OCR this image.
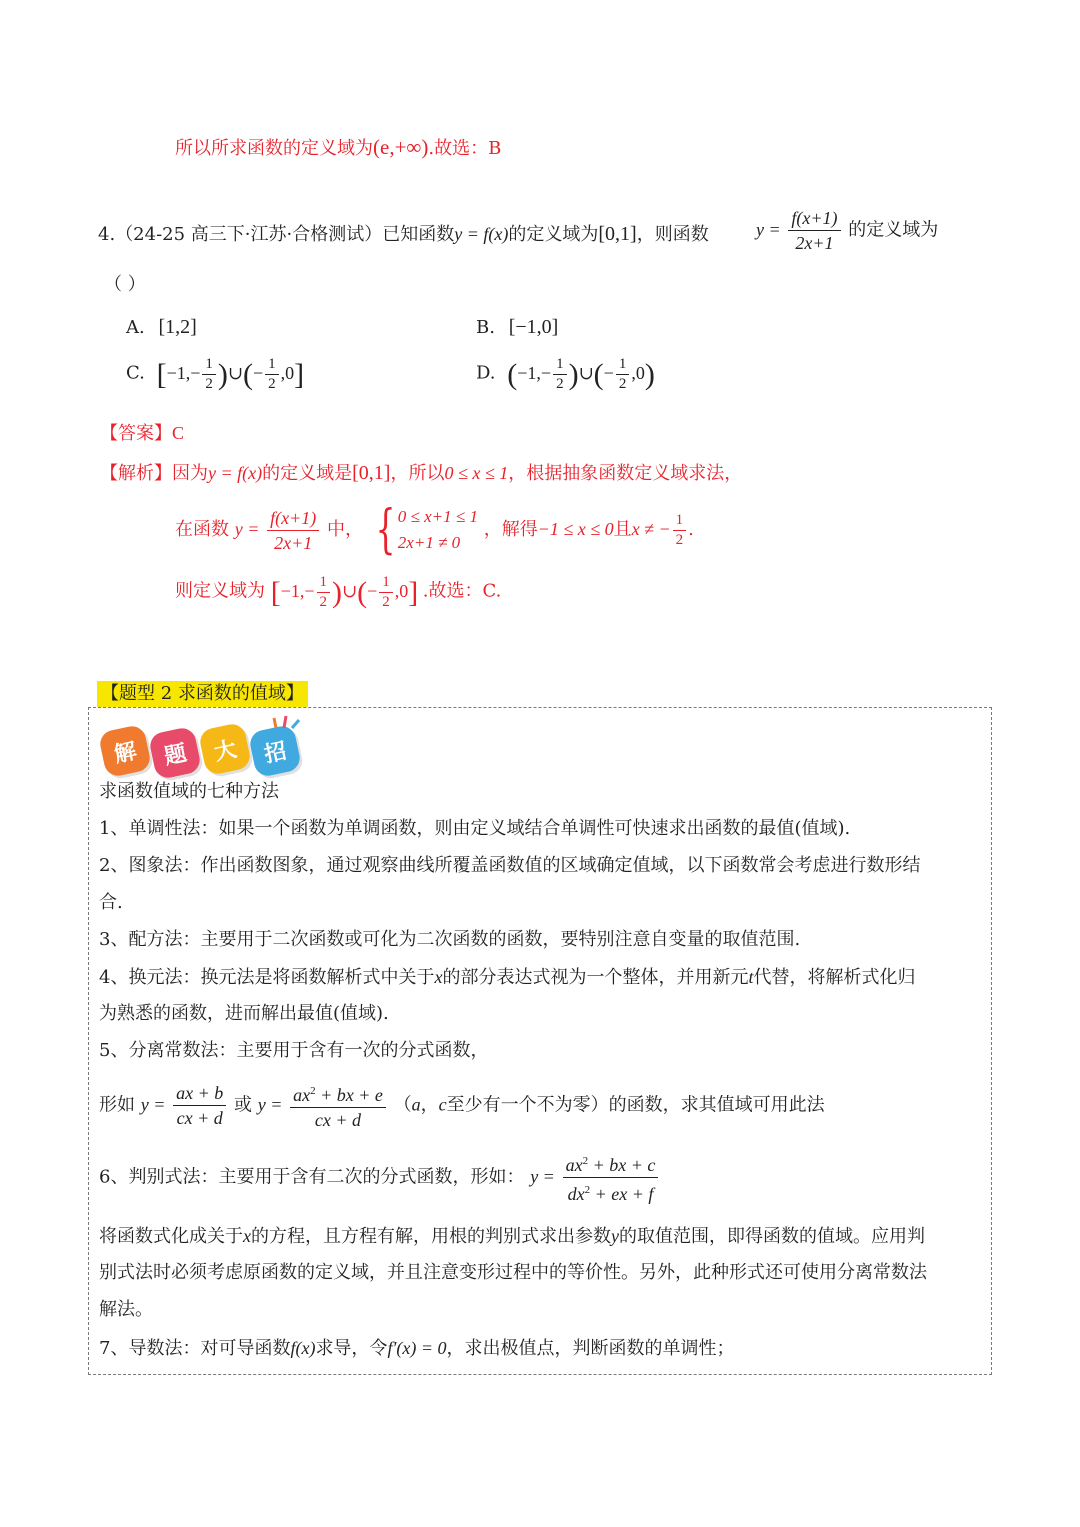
所以所求函数的定义域为(e,+∞).故选：B
4.（24-25 高三下·江苏·合格测试）已知函数y = f(x)的定义域为[0,1]，则函数	$y = \frac{f(x+1)}{2x+1}$ 的定义域为
（ ）
A. [1,2]	B. [−1,0]
C. [$-1,- \frac{1}{2}$ )∪(− $\frac{1}{2} ,0$]	D. ($-1,- \frac{1}{2}$ )∪(− $\frac{1}{2} ,0$)
【答案】C
【解析】因为y = f(x)的定义域是[0,1]，所以0 ≤ x ≤ 1，根据抽象函数定义域求法，
在函数 $y = \frac{f(x+1)}{2x+1}$ 中， { 0 ≤ x+1 ≤ 1
2x+1 ≠ 0
，解得−1 ≤ x ≤ 0且x ≠ − $\frac{1}{2}$ .
则定义域为 [$-1,- \frac{1}{2}$ )∪(− $\frac{1}{2} ,0$] .故选：C.
【题型 2 求函数的值域】
解	题	大	招
求函数值域的七种方法
1、单调性法：如果一个函数为单调函数，则由定义域结合单调性可快速求出函数的最值(值域).
2、图象法：作出函数图象，通过观察曲线所覆盖函数值的区域确定值域，以下函数常会考虑进行数形结
合.
3、配方法：主要用于二次函数或可化为二次函数的函数，要特别注意自变量的取值范围.
4、换元法：换元法是将函数解析式中关于x的部分表达式视为一个整体，并用新元t代替，将解析式化归
为熟悉的函数，进而解出最值(值域).
5、分离常数法：主要用于含有一次的分式函数，
形如 $y = \frac{ax + b}{cx + d}$ 或 $y = \frac{ax^2 + bx + e}{cx + d} (a$，c至少有一个不为零）的函数，求其值域可用此法
6、判别式法：主要用于含有二次的分式函数，形如： $y = \frac{ax^2 + bx + c}{dx^2 + ex + f}$
将函数式化成关于x的方程，且方程有解，用根的判别式求出参数y的取值范围，即得函数的值域。应用判
别式法时必须考虑原函数的定义域，并且注意变形过程中的等价性。另外，此种形式还可使用分离常数法
解法。
7、导数法：对可导函数f(x)求导，令f′(x) = 0，求出极值点，判断函数的单调性；
